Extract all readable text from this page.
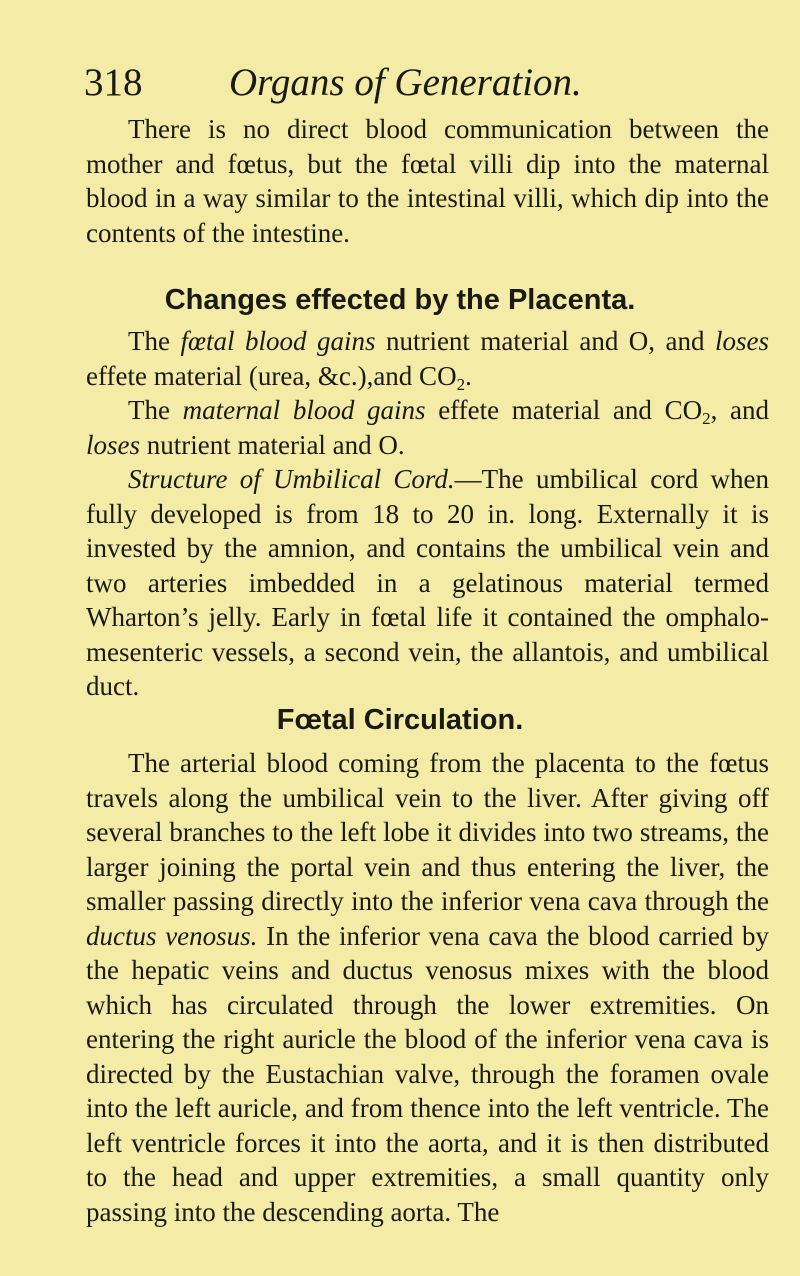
318 Organs of Generation.

There is no direct blood communication between the mother and fœtus, but the fœtal villi dip into the maternal blood in a way similar to the intestinal villi, which dip into the contents of the intestine.

Changes effected by the Placenta.

The fœtal blood gains nutrient material and O, and loses effete material (urea, &c.),and $CO_2$.

The maternal blood gains effete material and $CO_2$, and loses nutrient material and O.

Structure of Umbilical Cord.—The umbilical cord when fully developed is from 18 to 20 in. long. Externally it is invested by the amnion, and contains the umbilical vein and two arteries imbedded in a gelatinous material termed Wharton’s jelly. Early in fœtal life it contained the omphalo-mesenteric vessels, a second vein, the allantois, and umbilical duct.

Fœtal Circulation.

The arterial blood coming from the placenta to the fœtus travels along the umbilical vein to the liver. After giving off several branches to the left lobe it divides into two streams, the larger joining the portal vein and thus entering the liver, the smaller passing directly into the inferior vena cava through the ductus venosus. In the inferior vena cava the blood carried by the hepatic veins and ductus venosus mixes with the blood which has circulated through the lower extremities. On entering the right auricle the blood of the inferior vena cava is directed by the Eustachian valve, through the foramen ovale into the left auricle, and from thence into the left ventricle. The left ventricle forces it into the aorta, and it is then distributed to the head and upper extremities, a small quantity only passing into the descending aorta. The
